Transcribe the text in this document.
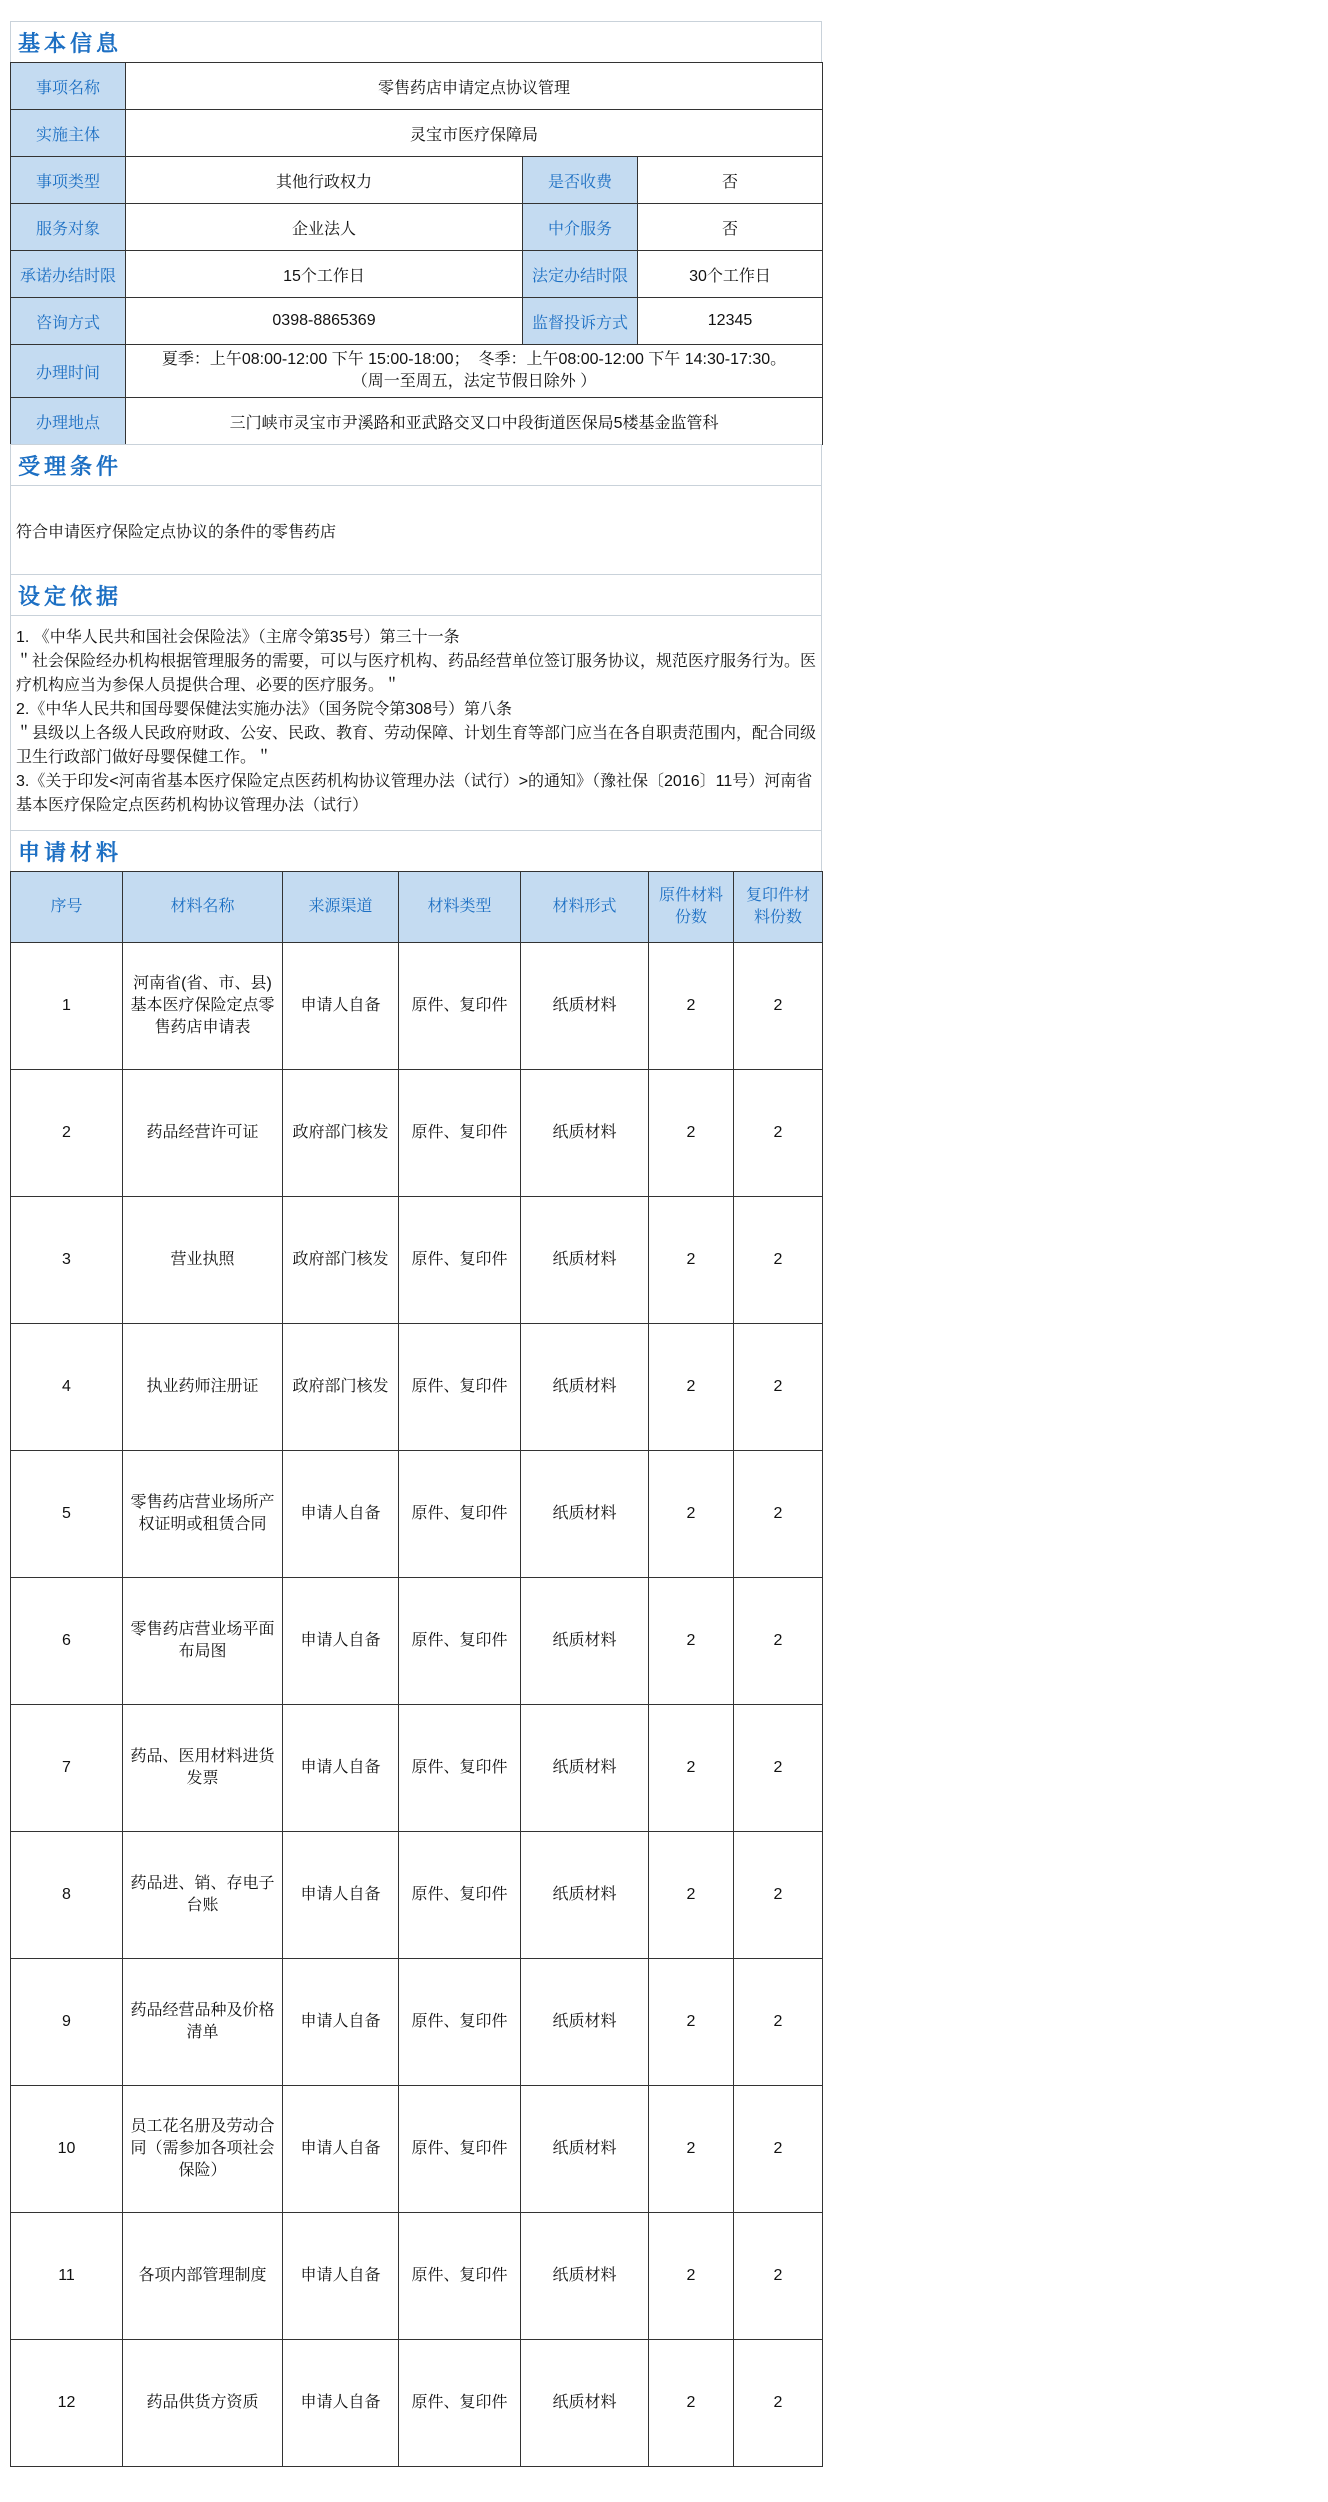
基本信息
事项名称	零售药店申请定点协议管理		
实施主体	灵宝市医疗保障局		
事项类型	其他行政权力	是否收费	否
服务对象	企业法人	中介服务	否
承诺办结时限	15个工作日	法定办结时限	30个工作日
咨询方式	0398-8865369	监督投诉方式	12345
办理时间	夏季：上午08:00-12:00 下午 15:00-18:00；  冬季：上午08:00-12:00 下午 14:30-17:30。
（周一至周五，法定节假日除外 ）		

办理地点	三门峡市灵宝市尹溪路和亚武路交叉口中段街道医保局5楼基金监管科		
受理条件
符合申请医疗保险定点协议的条件的零售药店
设定依据

1. 《中华人民共和国社会保险法》（主席令第35号）第三十一条

＂社会保险经办机构根据管理服务的需要，可以与医疗机构、药品经营单位签订服务协议，规范医疗服务行为。医疗机构应当为参保人员提供合理、必要的医疗服务。＂

2.《中华人民共和国母婴保健法实施办法》（国务院令第308号）第八条

＂县级以上各级人民政府财政、公安、民政、教育、劳动保障、计划生育等部门应当在各自职责范围内，配合同级卫生行政部门做好母婴保健工作。＂

3.《关于印发<河南省基本医疗保险定点医药机构协议管理办法（试行）>的通知》（豫社保〔2016〕11号）河南省基本医疗保险定点医药机构协议管理办法（试行）

申请材料
序号	材料名称	来源渠道	材料类型	材料形式	原件材料份数	复印件材料份数
1	河南省(省、市、县)基本医疗保险定点零售药店申请表	申请人自备	原件、复印件	纸质材料	2	2
2	药品经营许可证	政府部门核发	原件、复印件	纸质材料	2	2
3	营业执照	政府部门核发	原件、复印件	纸质材料	2	2
4	执业药师注册证	政府部门核发	原件、复印件	纸质材料	2	2
5	零售药店营业场所产权证明或租赁合同	申请人自备	原件、复印件	纸质材料	2	2
6	零售药店营业场平面布局图	申请人自备	原件、复印件	纸质材料	2	2
7	药品、医用材料进货发票	申请人自备	原件、复印件	纸质材料	2	2
8	药品进、销、存电子台账	申请人自备	原件、复印件	纸质材料	2	2
9	药品经营品种及价格清单	申请人自备	原件、复印件	纸质材料	2	2
10	员工花名册及劳动合同（需参加各项社会保险）	申请人自备	原件、复印件	纸质材料	2	2
11	各项内部管理制度	申请人自备	原件、复印件	纸质材料	2	2
12	药品供货方资质	申请人自备	原件、复印件	纸质材料	2	2
